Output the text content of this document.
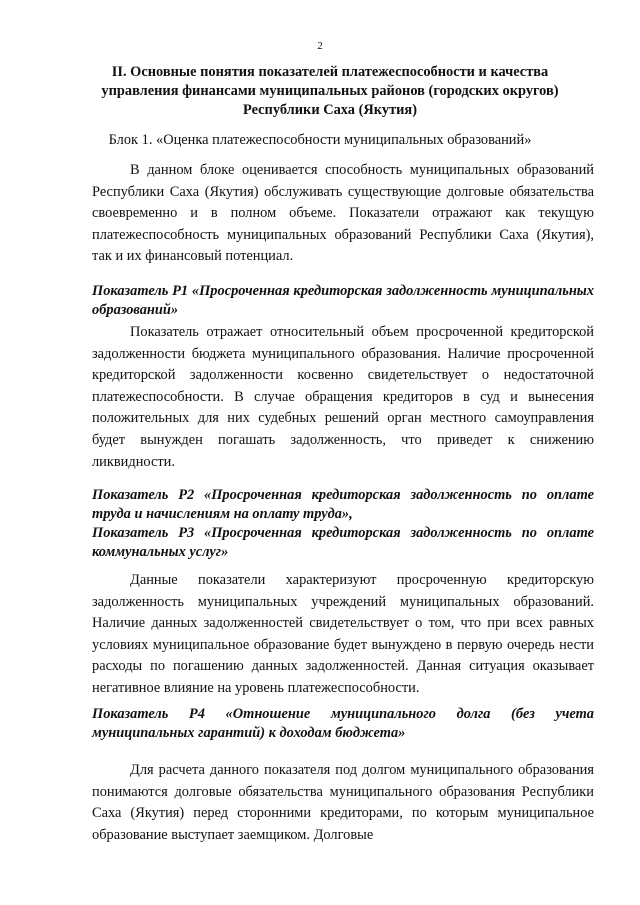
2
II. Основные понятия показателей платежеспособности и качества управления финансами муниципальных районов (городских округов) Республики Саха (Якутия)
Блок 1. «Оценка платежеспособности муниципальных образований»

В данном блоке оценивается способность муниципальных образований Республики Саха (Якутия) обслуживать существующие долговые обязательства своевременно и в полном объеме. Показатели отражают как текущую платежеспособность муниципальных образований Республики Саха (Якутия), так и их финансовый потенциал.

Показатель Р1 «Просроченная кредиторская задолженность муниципальных образований»

Показатель отражает относительный объем просроченной кредиторской задолженности бюджета муниципального образования. Наличие просроченной кредиторской задолженности косвенно свидетельствует о недостаточной платежеспособности. В случае обращения кредиторов в суд и вынесения положительных для них судебных решений орган местного самоуправления будет вынужден погашать задолженность, что приведет к снижению ликвидности.

Показатель Р2 «Просроченная кредиторская задолженность по оплате труда и начислениям на оплату труда»,
Показатель Р3 «Просроченная кредиторская задолженность по оплате коммунальных услуг»

Данные показатели характеризуют просроченную кредиторскую задолженность муниципальных учреждений муниципальных образований. Наличие данных задолженностей свидетельствует о том, что при всех равных условиях муниципальное образование будет вынуждено в первую очередь нести расходы по погашению данных задолженностей. Данная ситуация оказывает негативное влияние на уровень платежеспособности.

Показатель Р4 «Отношение муниципального долга (без учета муниципальных гарантий) к доходам бюджета»

Для расчета данного показателя под долгом муниципального образования понимаются долговые обязательства муниципального образования Республики Саха (Якутия) перед сторонними кредиторами, по которым муниципальное образование выступает заемщиком. Долговые
